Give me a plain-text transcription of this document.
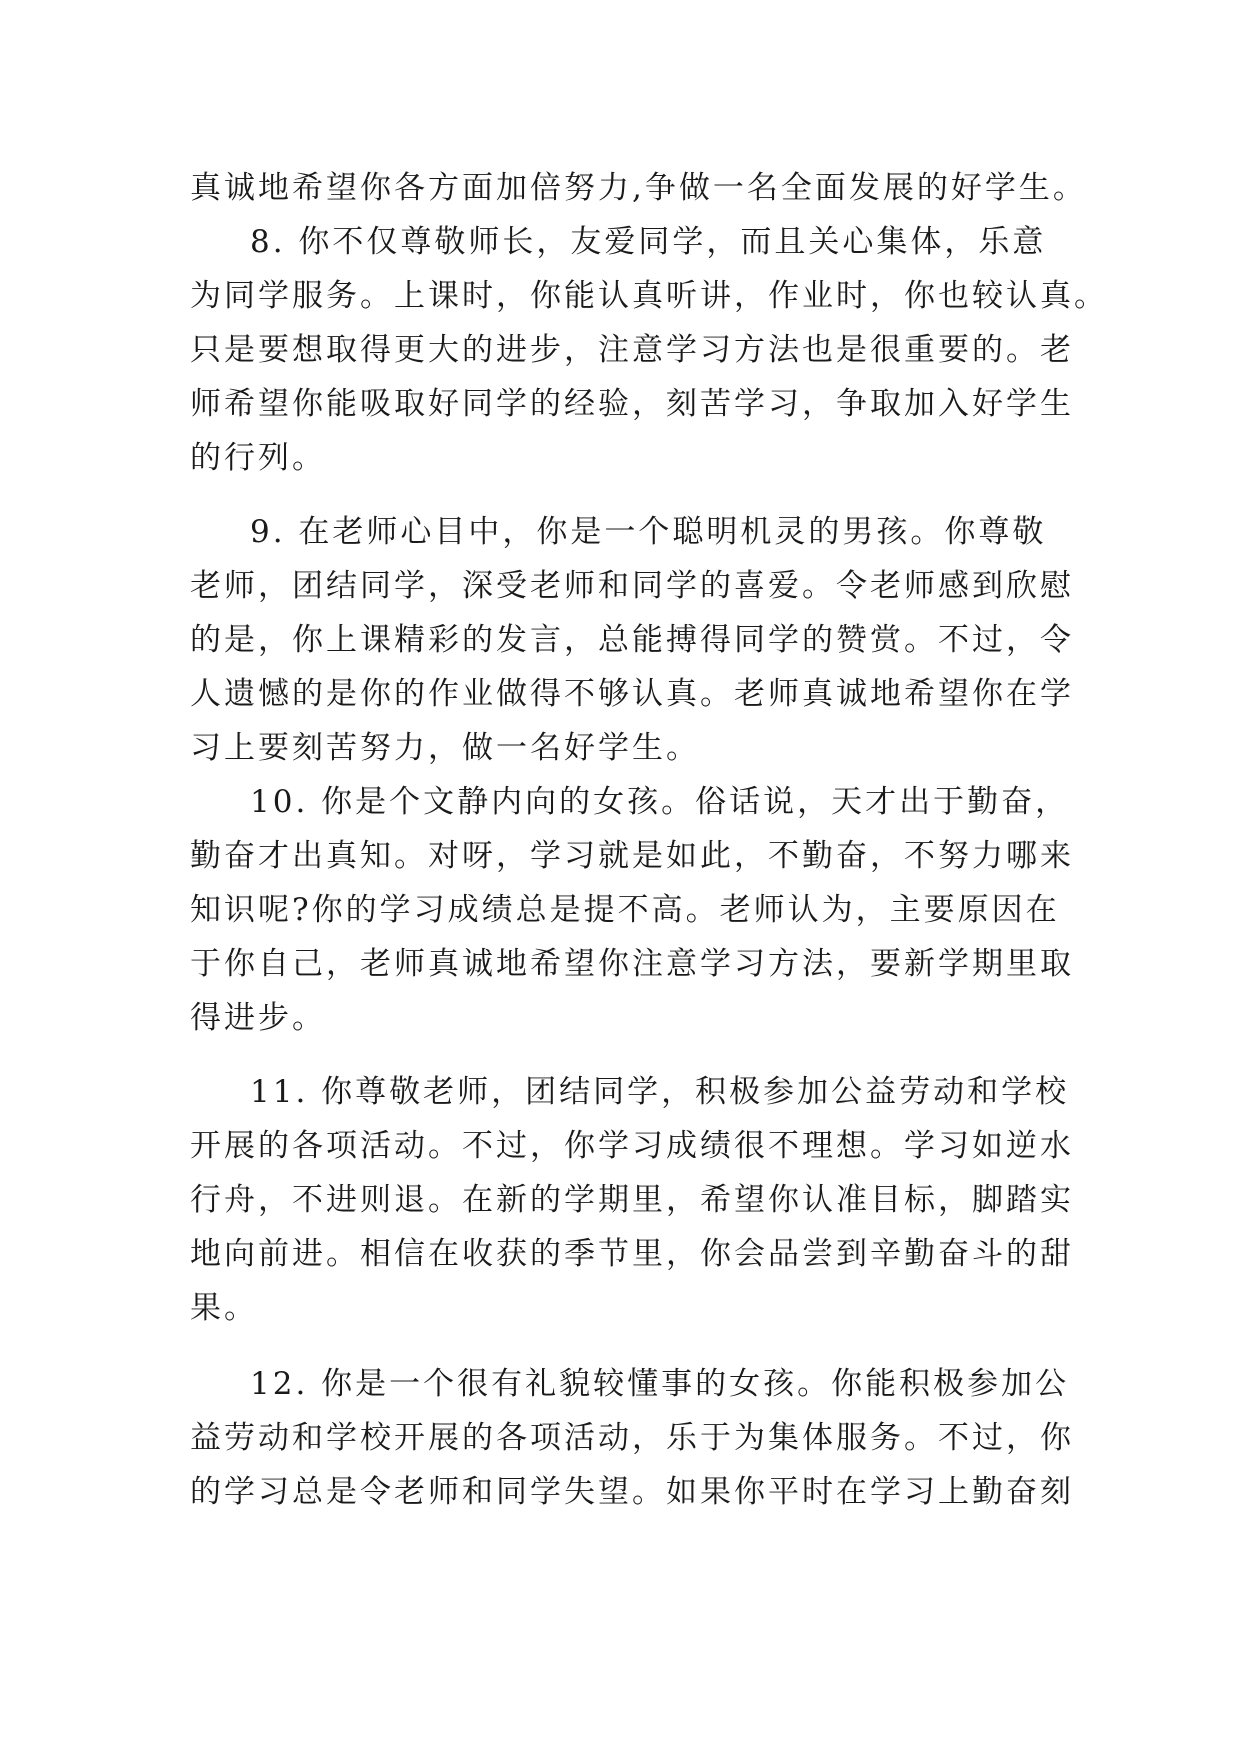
真诚地希望你各方面加倍努力,争做一名全面发展的好学生。
8. 你不仅尊敬师长，友爱同学，而且关心集体，乐意
为同学服务。上课时，你能认真听讲，作业时，你也较认真。
只是要想取得更大的进步，注意学习方法也是很重要的。老
师希望你能吸取好同学的经验，刻苦学习，争取加入好学生
的行列。
9. 在老师心目中，你是一个聪明机灵的男孩。你尊敬
老师，团结同学，深受老师和同学的喜爱。令老师感到欣慰
的是，你上课精彩的发言，总能搏得同学的赞赏。不过，令
人遗憾的是你的作业做得不够认真。老师真诚地希望你在学
习上要刻苦努力，做一名好学生。
10. 你是个文静内向的女孩。俗话说，天才出于勤奋，
勤奋才出真知。对呀，学习就是如此，不勤奋，不努力哪来
知识呢?你的学习成绩总是提不高。老师认为，主要原因在
于你自己，老师真诚地希望你注意学习方法，要新学期里取
得进步。
11. 你尊敬老师，团结同学，积极参加公益劳动和学校
开展的各项活动。不过，你学习成绩很不理想。学习如逆水
行舟，不进则退。在新的学期里，希望你认准目标，脚踏实
地向前进。相信在收获的季节里，你会品尝到辛勤奋斗的甜
果。
12. 你是一个很有礼貌较懂事的女孩。你能积极参加公
益劳动和学校开展的各项活动，乐于为集体服务。不过，你
的学习总是令老师和同学失望。如果你平时在学习上勤奋刻
